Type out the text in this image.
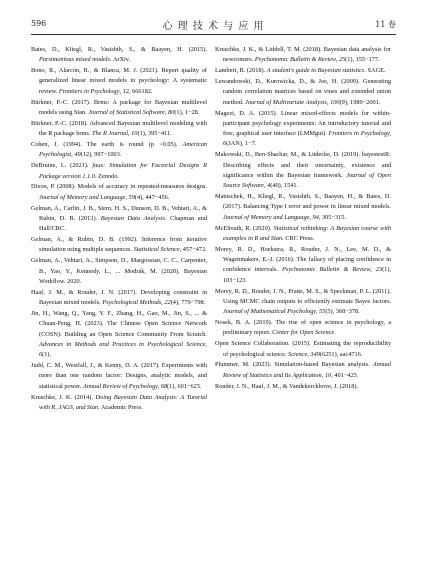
596	心 理 技 术 与 应 用	11 卷

Bates, D., Kliegl, R., Vasishth, S., & Baayen, H. (2015). Parsimonious mixed models. ArXiv.

Bono, R., Alarcón, R., & Blanca, M. J. (2021). Report quality of generalized linear mixed models in psychology: A systematic review. Frontiers in Psychology, 12, 666182.

Bürkner, P.-C. (2017). Brms: A package for Bayesian multilevel models using Stan. Journal of Statistical Software, 80(1), 1−28.

Bürkner, P.-C. (2018). Advanced Bayesian multilevel modeling with the R package brms. The R Journal, 10(1), 395−411.

Cohen, J. (1994). The earth is round (p <0.05). American Psychologist, 49(12), 997−1003.

DeBruine, L. (2021). faux: Simulation for Factorial Designs R Package version 1.1.0. Zenodo.

Dixon, P. (2008). Models of accuracy in repeated-measures designs. Journal of Memory and Language, 59(4), 447−456.

Gelman, A., Carlin, J. B., Stern, H. S., Dunson, D. B., Vehtari, A., & Rubin, D. B. (2013). Bayesian Data Analysis. Chapman and Hall/CRC.

Gelman, A., & Rubin, D. B. (1992). Inference from iterative simulation using multiple sequences. Statistical Science, 457−472.

Gelman, A., Vehtari, A., Simpson, D., Margossian, C. C., Carpenter, B., Yao, Y., Kennedy, L., ... Modrák, M. (2020). Bayesian Workflow. 2020.

Haaf, J. M., & Rouder, J. N. (2017). Developing constraint in Bayesian mixed models. Psychological Methods, 22(4), 779−798.

Jin, H., Wang, Q., Yang, Y. F., Zhang, H., Gao, M., Jin, S., ... & Chuan-Peng, H. (2023). The Chinese Open Science Network (COSN): Building an Open Science Community From Scratch. Advances in Methods and Practices in Psychological Science, 6(1).

Judd, C. M., Westfall, J., & Kenny, D. A. (2017). Experiments with more than one random factor: Designs, analytic models, and statistical power. Annual Review of Psychology, 68(1), 601−625.

Kruschke, J. K. (2014). Doing Bayesian Data Analysis: A Tutorial with R, JAGS, and Stan. Academic Press.

Kruschke, J. K., & Liddell, T. M. (2018). Bayesian data analysis for newcomers. Psychonomic Bulletin & Review, 25(1), 155−177.

Lambert, B. (2018). A student's guide to Bayesian statistics. SAGE.

Lewandowski, D., Kurowicka, D., & Joe, H. (2009). Generating random correlation matrices based on vines and extended onion method. Journal of Multivariate Analysis, 100(9), 1989−2001.

Magezi, D. A. (2015). Linear mixed-effects models for within-participant psychology experiments: An introductory tutorial and free, graphical user interface (LMMgui). Frontiers in Psychology, 6(JAN), 1−7.

Makowski, D., Ben-Shachar, M., & Lüdecke, D. (2019). bayestestR: Describing effects and their uncertainty, existence and significance within the Bayesian framework. Journal of Open Source Software, 4(40), 1541.

Matuschek, H., Kliegl, R., Vasishth, S., Baayen, H., & Bates, D. (2017). Balancing Type I error and power in linear mixed models. Journal of Memory and Language, 94, 305−315.

McElreath, R. (2020). Statistical rethinking: A Bayesian course with examples in R and Stan. CRC Press.

Morey, R. D., Hoekstra, R., Rouder, J. N., Lee, M. D., & Wagenmakers, E.-J. (2016). The fallacy of placing confidence in confidence intervals. Psychonomic Bulletin & Review, 23(1), 103−123.

Morey, R. D., Rouder, J. N., Pratte, M. S., & Speckman, P. L. (2011). Using MCMC chain outputs to efficiently estimate Bayes factors. Journal of Mathematical Psychology, 55(5), 368−378.

Nosek, B. A. (2019). The rise of open science in psychology, a preliminary report. Center for Open Science.

Open Science Collaboration. (2015). Estimating the reproducibility of psychological science. Science, 349(6251), aac4716.

Plummer, M. (2023). Simulation-based Bayesian analysis. Annual Review of Statistics and Its Application, 10, 401−425.

Rouder, J. N., Haaf, J. M., & Vandekerckhove, J. (2018).
